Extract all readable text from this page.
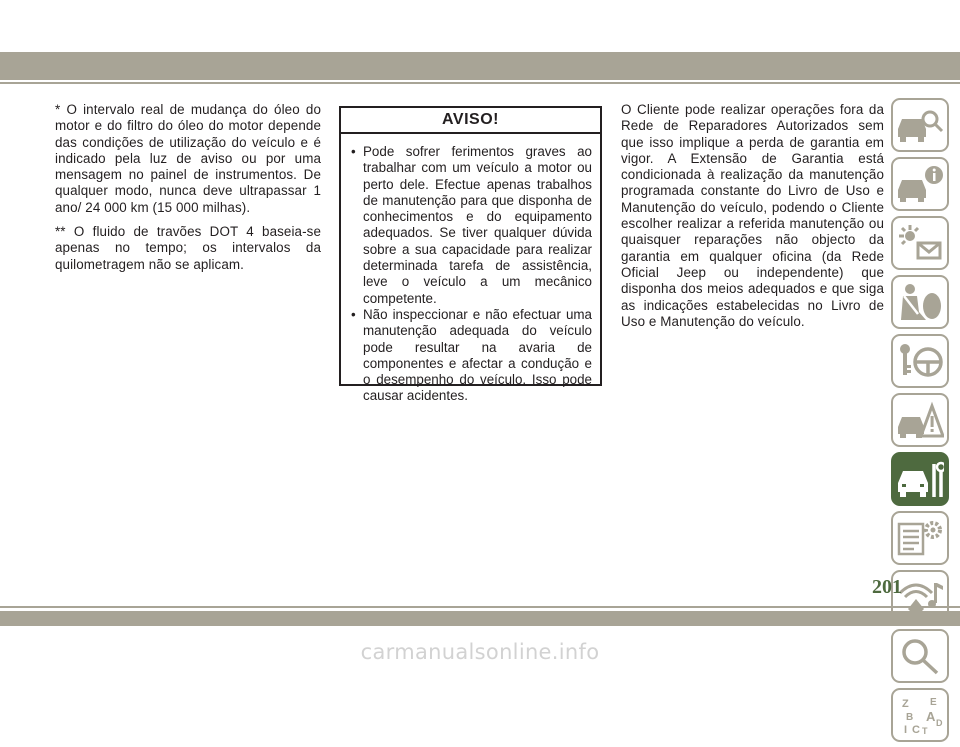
* O intervalo real de mudança do óleo do motor e do filtro do óleo do motor depende das condições de utilização do veículo e é indicado pela luz de aviso ou por uma mensagem no painel de instrumentos. De qualquer modo, nunca deve ultrapassar 1 ano/ 24 000 km (15 000 milhas).

** O fluido de travões DOT 4 baseia-se apenas no tempo; os intervalos da quilometragem não se aplicam.

AVISO!
• Pode sofrer ferimentos graves ao trabalhar com um veículo a motor ou perto dele. Efectue apenas trabalhos de manutenção para que disponha de conhecimentos e do equipamento adequados. Se tiver qualquer dúvida sobre a sua capacidade para realizar determinada tarefa de assistência, leve o veículo a um mecânico competente.
• Não inspeccionar e não efectuar uma manutenção adequada do veículo pode resultar na avaria de componentes e afectar a condução e o desempenho do veículo. Isso pode causar acidentes.

O Cliente pode realizar operações fora da Rede de Reparadores Autorizados sem que isso implique a perda de garantia em vigor. A Extensão de Garantia está condicionada à realização da manutenção programada constante do Livro de Uso e Manutenção do veículo, podendo o Cliente escolher realizar a referida manutenção ou quaisquer reparações não objecto da garantia em qualquer oficina (da Rede Oficial Jeep ou independente) que disponha dos meios adequados e que siga as indicações estabelecidas no Livro de Uso e Manutenção do veículo.

Z E
B A D
I C T
201
carmanualsonline.info
